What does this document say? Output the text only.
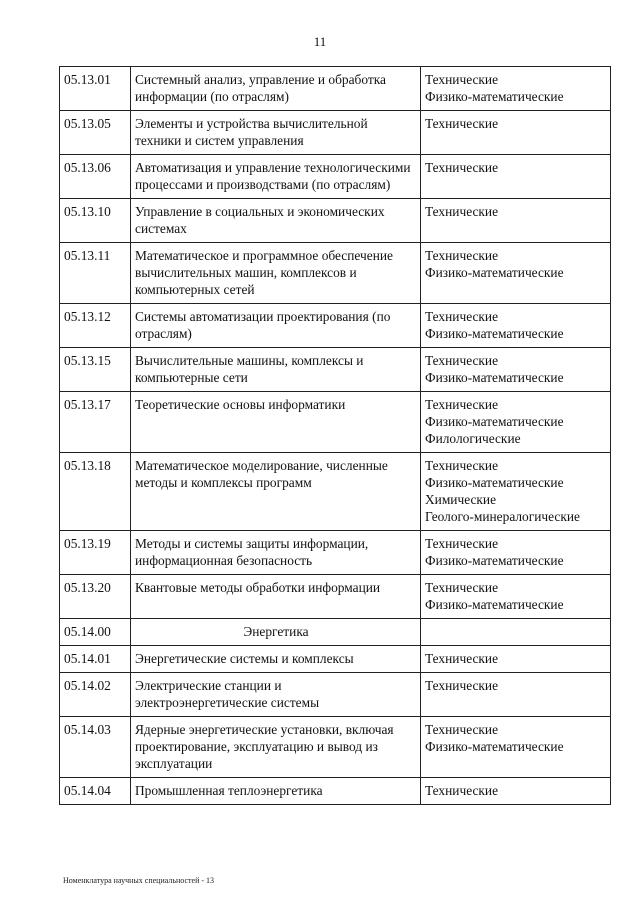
11
05.13.01	Системный анализ, управление и обработка информации (по отраслям)	Технические
Физико-математические

05.13.05	Элементы и устройства вычислительной техники и систем управления	Технические

05.13.06	Автоматизация и управление технологическими процессами и производствами (по отраслям)	Технические

05.13.10	Управление в социальных и экономических системах	Технические

05.13.11	Математическое и программное обеспечение вычислительных машин, комплексов и компьютерных сетей	Технические
Физико-математические

05.13.12	Системы автоматизации проектирования (по отраслям)	Технические
Физико-математические

05.13.15	Вычислительные машины, комплексы и компьютерные сети	Технические
Физико-математические

05.13.17	Теоретические основы информатики	Технические
Физико-математические
Филологические

05.13.18	Математическое моделирование, численные методы и комплексы программ	Технические
Физико-математические
Химические
Геолого-минералогические

05.13.19	Методы и системы защиты информации, информационная безопасность	Технические
Физико-математические

05.13.20	Квантовые методы обработки информации	Технические
Физико-математические

05.14.00	Энергетика	
05.14.01	Энергетические системы и комплексы	Технические

05.14.02	Электрические станции и электроэнергетические системы	Технические

05.14.03	Ядерные энергетические установки, включая проектирование, эксплуатацию и вывод из эксплуатации	Технические
Физико-математические

05.14.04	Промышленная теплоэнергетика	Технические
Номенклатура научных специальностей - 13
